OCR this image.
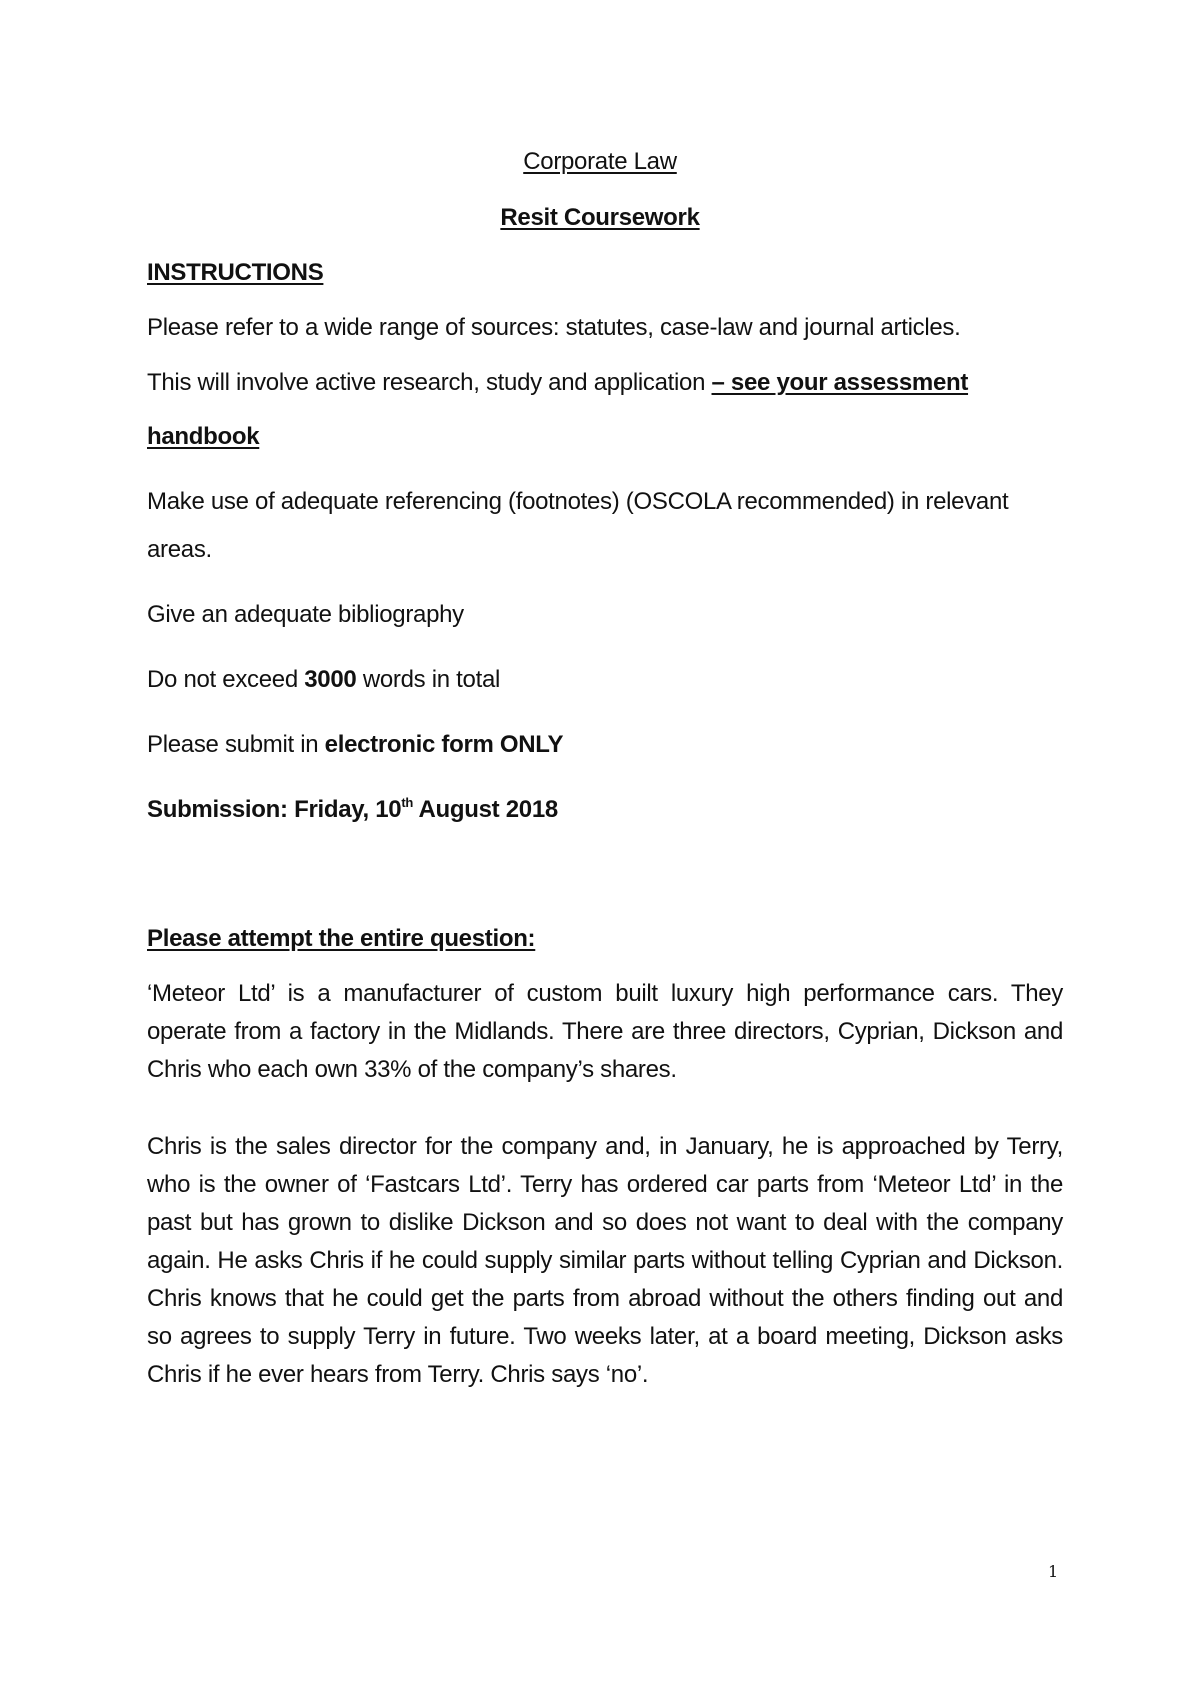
Corporate Law
Resit Coursework
INSTRUCTIONS
Please refer to a wide range of sources: statutes, case-law and journal articles.
This will involve active research, study and application – see your assessment
handbook
Make use of adequate referencing (footnotes) (OSCOLA recommended) in relevant
areas.
Give an adequate bibliography
Do not exceed 3000 words in total
Please submit in electronic form ONLY
Submission: Friday, 10th August 2018
Please attempt the entire question:
‘Meteor Ltd’ is a manufacturer of custom built luxury high performance cars. They operate from a factory in the Midlands. There are three directors, Cyprian, Dickson and Chris who each own 33% of the company’s shares.
Chris is the sales director for the company and, in January, he is approached by Terry, who is the owner of ‘Fastcars Ltd’. Terry has ordered car parts from ‘Meteor Ltd’ in the past but has grown to dislike Dickson and so does not want to deal with the company again. He asks Chris if he could supply similar parts without telling Cyprian and Dickson. Chris knows that he could get the parts from abroad without the others finding out and so agrees to supply Terry in future. Two weeks later, at a board meeting, Dickson asks Chris if he ever hears from Terry. Chris says ‘no’.
1
